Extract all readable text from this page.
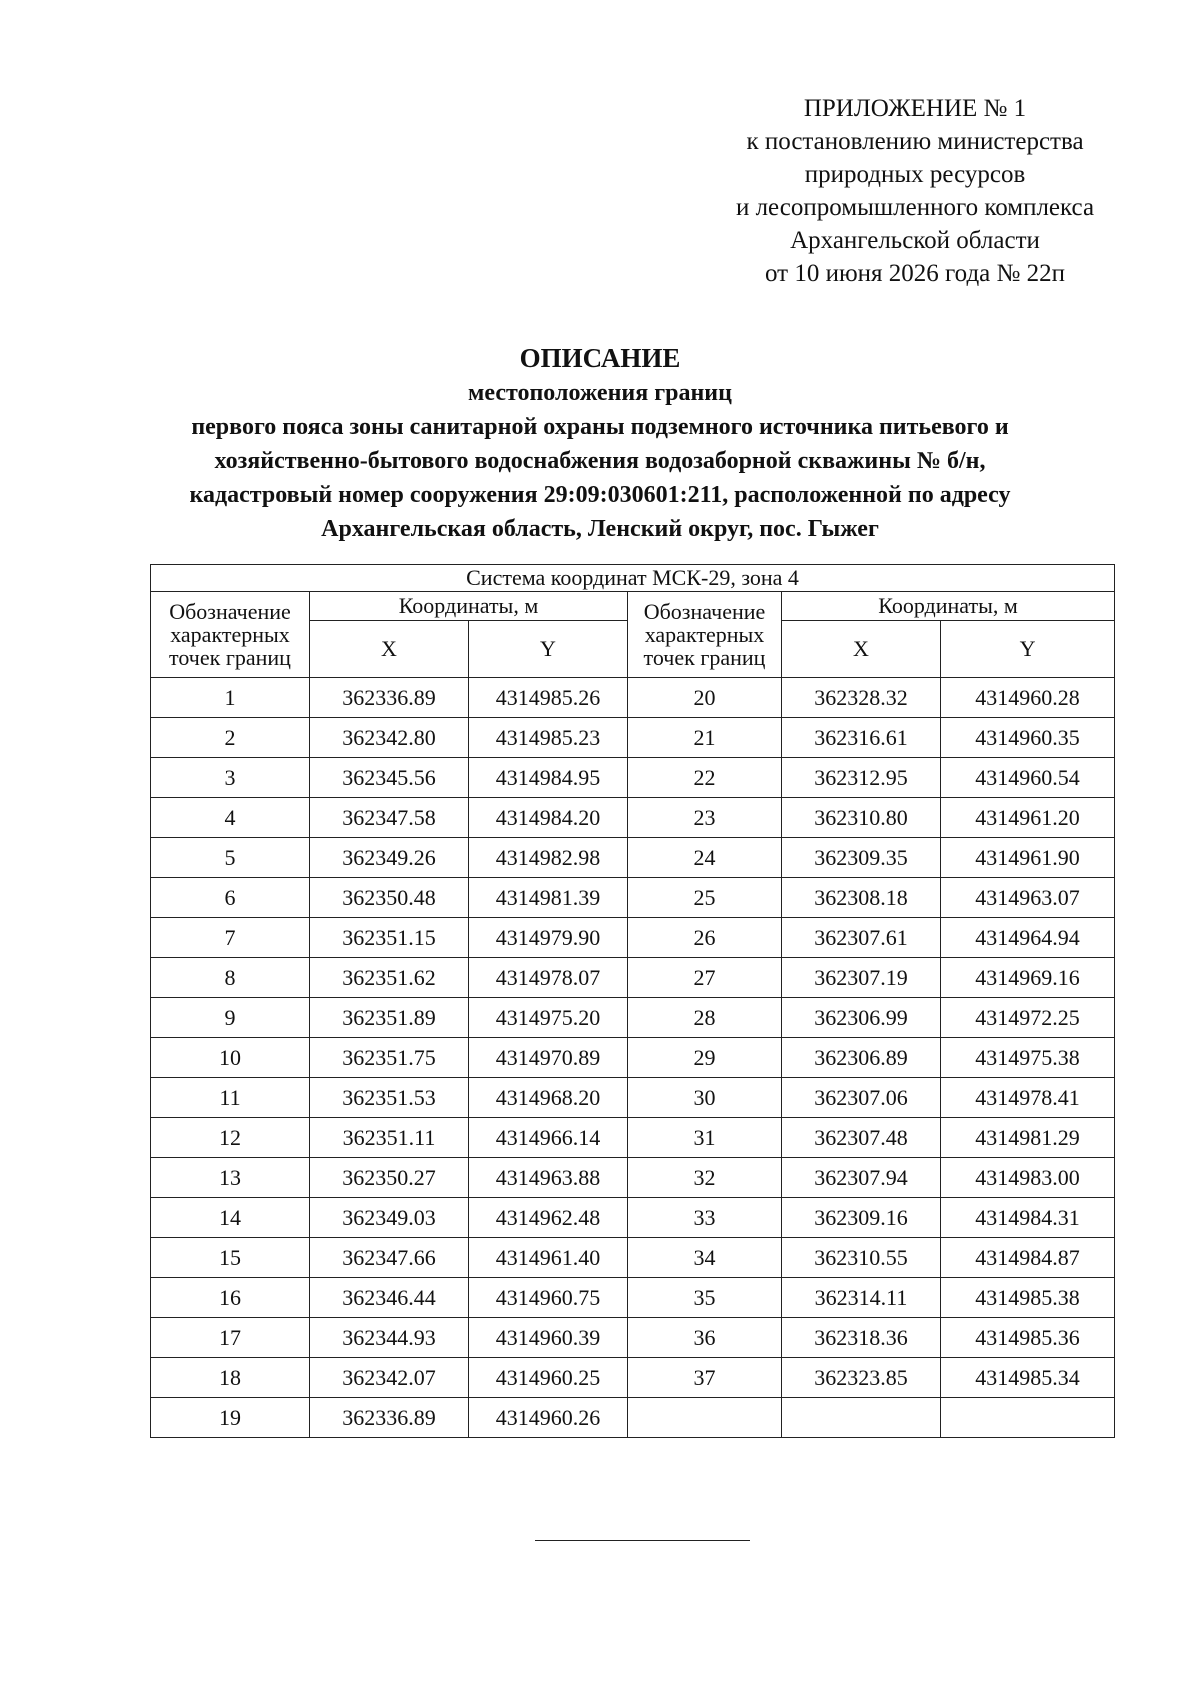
ПРИЛОЖЕНИЕ № 1
к постановлению министерства
природных ресурсов
и лесопромышленного комплекса
Архангельской области
от 10 июня 2026 года № 22п
ОПИСАНИЕ
местоположения границ
первого пояса зоны санитарной охраны подземного источника питьевого и
хозяйственно-бытового водоснабжения водозаборной скважины № б/н,
кадастровый номер сооружения 29:09:030601:211, расположенной по адресу
Архангельская область, Ленский округ, пос. Гыжег
Система координат МСК-29, зона 4					
Обозначение характерных точек границ	Координаты, м		Обозначение характерных точек границ	Координаты, м	
	X	Y		X	Y
1	362336.89	4314985.26	20	362328.32	4314960.28
2	362342.80	4314985.23	21	362316.61	4314960.35
3	362345.56	4314984.95	22	362312.95	4314960.54
4	362347.58	4314984.20	23	362310.80	4314961.20
5	362349.26	4314982.98	24	362309.35	4314961.90
6	362350.48	4314981.39	25	362308.18	4314963.07
7	362351.15	4314979.90	26	362307.61	4314964.94
8	362351.62	4314978.07	27	362307.19	4314969.16
9	362351.89	4314975.20	28	362306.99	4314972.25
10	362351.75	4314970.89	29	362306.89	4314975.38
11	362351.53	4314968.20	30	362307.06	4314978.41
12	362351.11	4314966.14	31	362307.48	4314981.29
13	362350.27	4314963.88	32	362307.94	4314983.00
14	362349.03	4314962.48	33	362309.16	4314984.31
15	362347.66	4314961.40	34	362310.55	4314984.87
16	362346.44	4314960.75	35	362314.11	4314985.38
17	362344.93	4314960.39	36	362318.36	4314985.36
18	362342.07	4314960.25	37	362323.85	4314985.34
19	362336.89	4314960.26			
